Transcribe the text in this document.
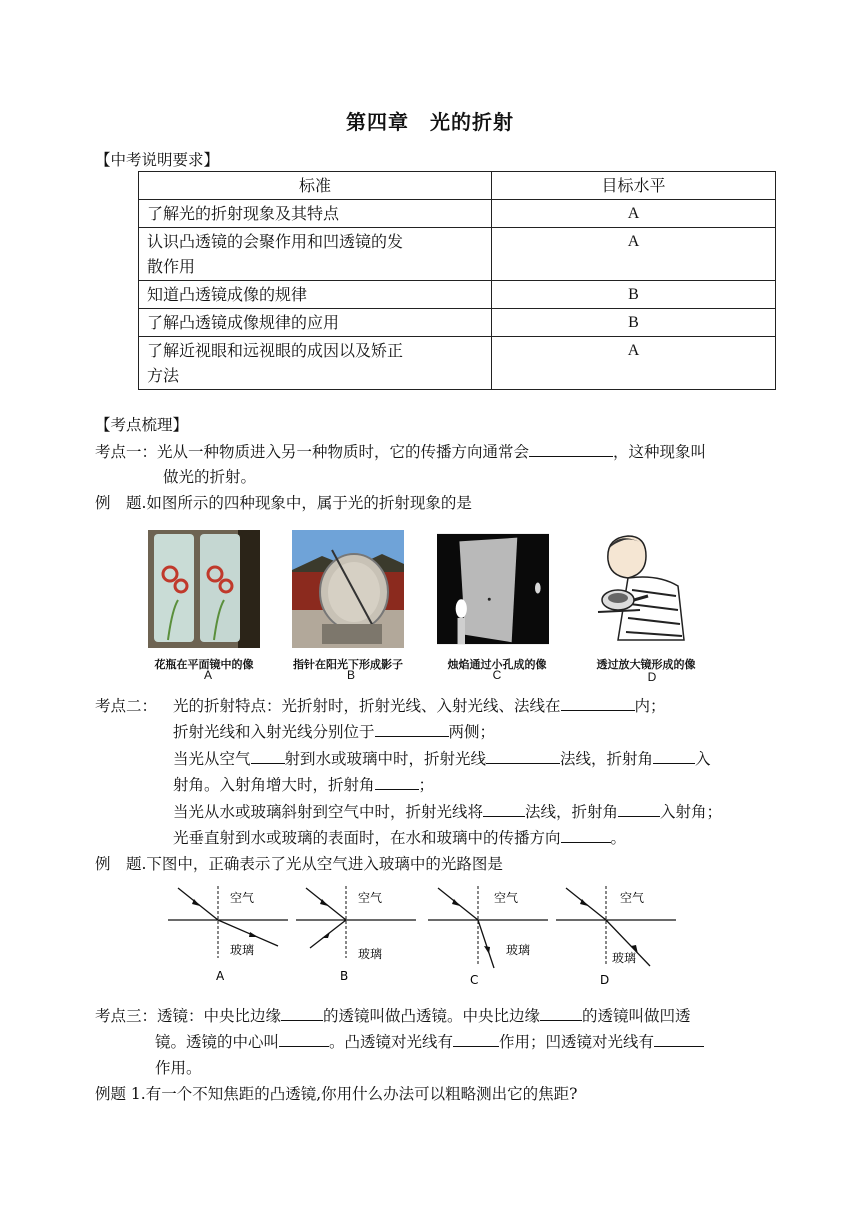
第四章　光的折射
【中考说明要求】
标准	目标水平
了解光的折射现象及其特点	A
认识凸透镜的会聚作用和凹透镜的发
散作用	A
知道凸透镜成像的规律	B
了解凸透镜成像规律的应用	B
了解近视眼和远视眼的成因以及矫正
方法	A
【考点梳理】
考点一：光从一种物质进入另一种物质时，它的传播方向通常会	，这种现象叫
做光的折射。
例　题.如图所示的四种现象中，属于光的折射现象的是
花瓶在平面镜中的像	指针在阳光下形成影子	烛焰通过小孔成的像	透过放大镜形成的像
A	B	C	D
考点二： 光的折射特点：光折射时，折射光线、入射光线、法线在	内；
折射光线和入射光线分别位于	两侧；
当光从空气 射到水或玻璃中时，折射光线	法线，折射角	入
射角。入射角增大时，折射角	；
当光从水或玻璃斜射到空气中时，折射光线将	法线，折射角	入射角；
光垂直射到水或玻璃的表面时，在水和玻璃中的传播方向	。
例　题.下图中，正确表示了光从空气进入玻璃中的光路图是
空气
玻璃
A
空气
玻璃
B
空气
玻璃
C
空气
玻璃
D
考点三：透镜：中央比边缘	的透镜叫做凸透镜。中央比边缘	的透镜叫做凹透
镜。透镜的中心叫	。凸透镜对光线有	作用；凹透镜对光线有
作用。
例题 1.有一个不知焦距的凸透镜,你用什么办法可以粗略测出它的焦距?
